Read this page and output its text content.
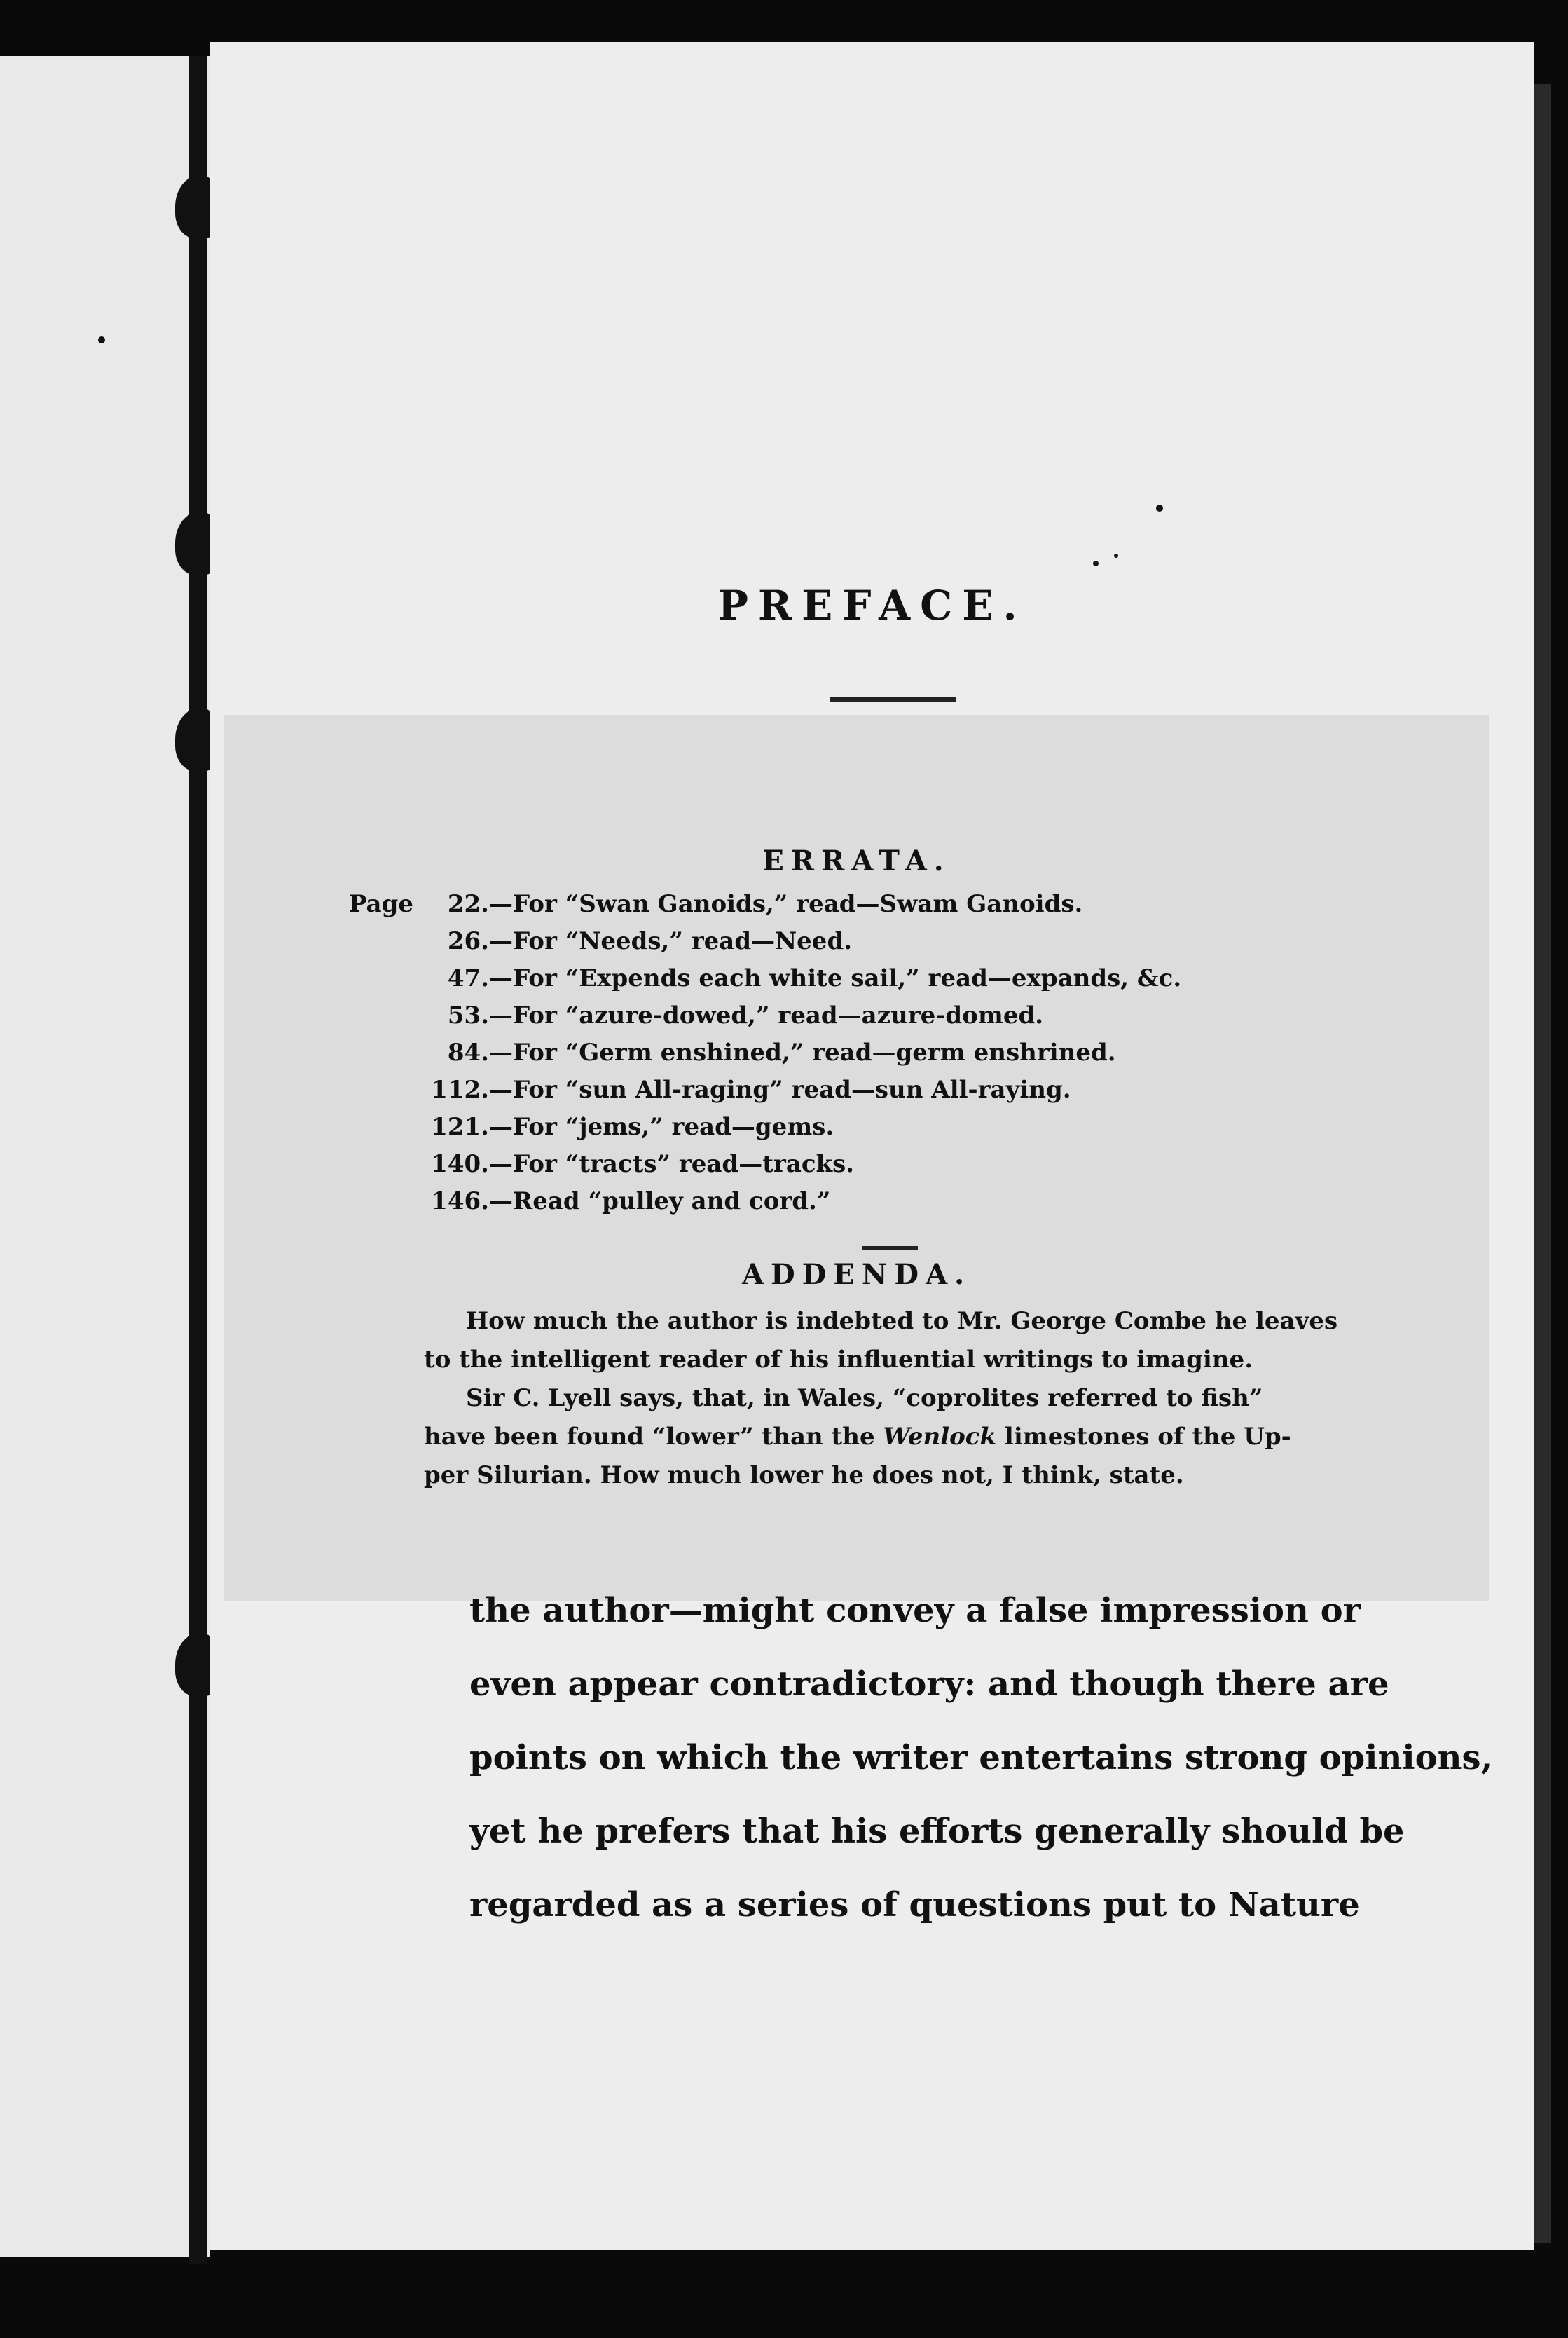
PREFACE.
ERRATA.
Page 22.—For “Swan Ganoids,” read—Swam Ganoids.
26.—For “Needs,” read—Need.
47.—For “Expends each white sail,” read—expands, &c.
53.—For “azure-dowed,” read—azure-domed.
84.—For “Germ enshined,” read—germ enshrined.
112.—For “sun All-raging” read—sun All-raying.
121.—For “jems,” read—gems.
140.—For “tracts” read—tracks.
146.—Read “pulley and cord.”
ADDENDA.
How much the author is indebted to Mr. George Combe he leaves
to the intelligent reader of his influential writings to imagine.
Sir C. Lyell says, that, in Wales, “coprolites referred to fish”
have been found “lower” than the Wenlock limestones of the Up-
per Silurian. How much lower he does not, I think, state.
the author—might convey a false impression or
even appear contradictory: and though there are
points on which the writer entertains strong opinions,
yet he prefers that his efforts generally should be
regarded as a series of questions put to Nature
